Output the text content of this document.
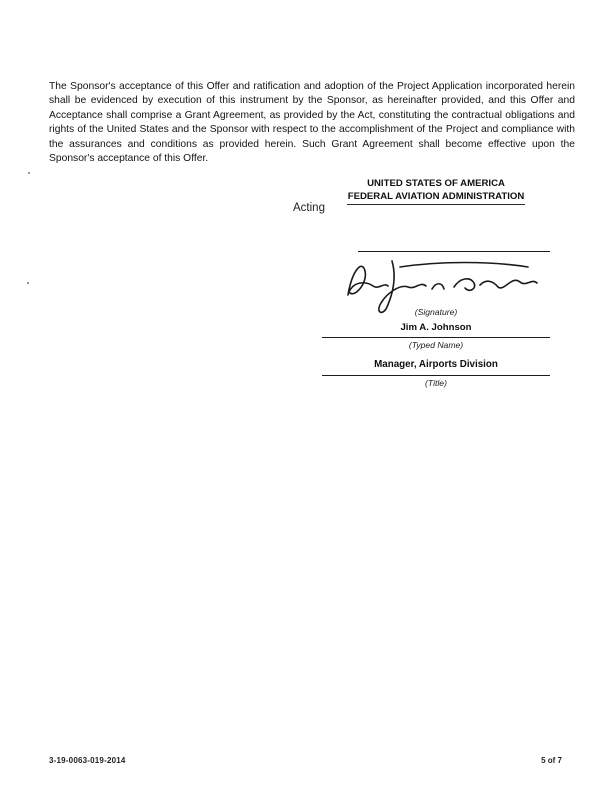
The Sponsor's acceptance of this Offer and ratification and adoption of the Project Application incorporated herein shall be evidenced by execution of this instrument by the Sponsor, as hereinafter provided, and this Offer and Acceptance shall comprise a Grant Agreement, as provided by the Act, constituting the contractual obligations and rights of the United States and the Sponsor with respect to the accomplishment of the Project and compliance with the assurances and conditions as provided herein. Such Grant Agreement shall become effective upon the Sponsor's acceptance of this Offer.

Acting
UNITED STATES OF AMERICA
FEDERAL AVIATION ADMINISTRATION
(Signature)
Jim A. Johnson
(Typed Name)
Manager, Airports Division
(Title)
3-19-0063-019-2014	5 of 7
